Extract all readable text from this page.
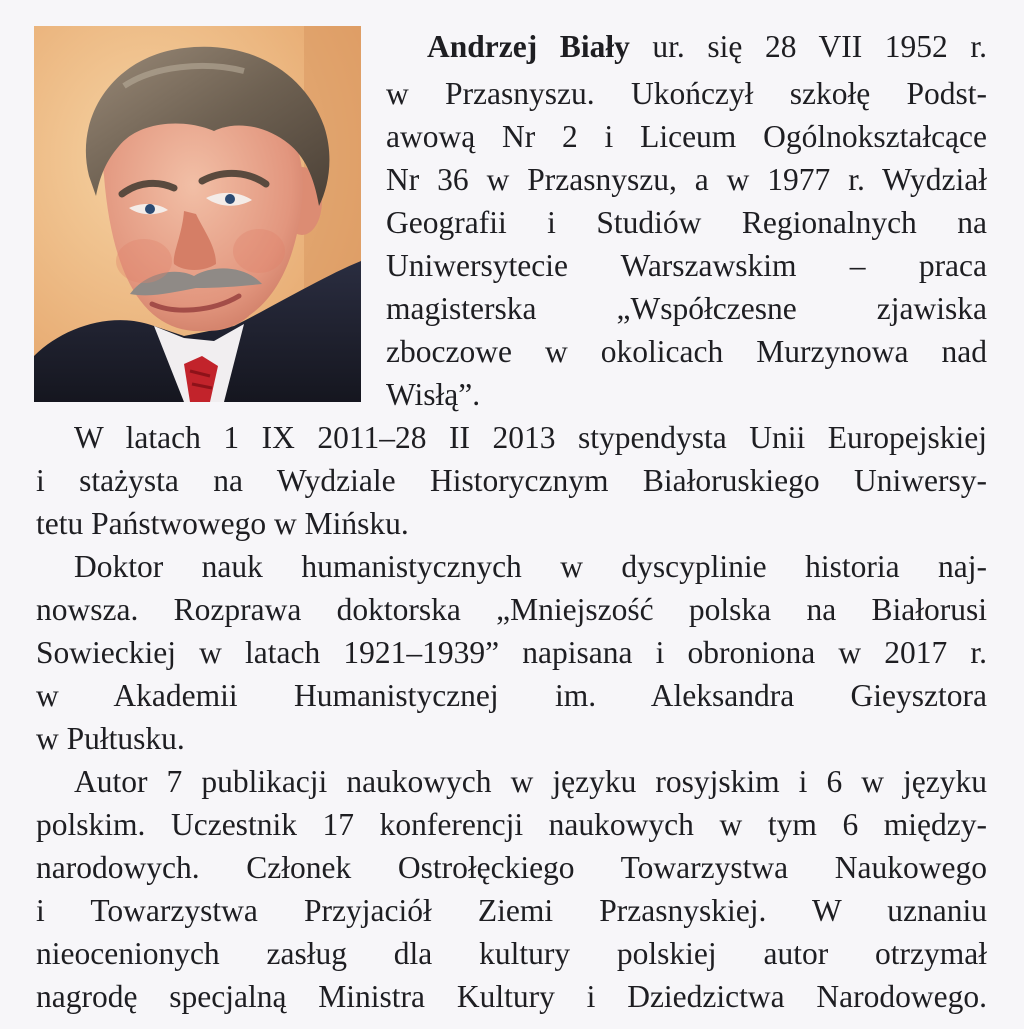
Andrzej Biały ur. się 28 VII 1952 r.
w Przasnyszu. Ukończył szkołę Podst-
awową Nr 2 i Liceum Ogólnokształcące
Nr 36 w Przasnyszu, a w 1977 r. Wydział
Geografii i Studiów Regionalnych na
Uniwersytecie Warszawskim – praca
magisterska „Współczesne zjawiska
zboczowe w okolicach Murzynowa nad
Wisłą”.
W latach 1 IX 2011–28 II 2013 stypendysta Unii Europejskiej
i stażysta na Wydziale Historycznym Białoruskiego Uniwersy-
tetu Państwowego w Mińsku.
Doktor nauk humanistycznych w dyscyplinie historia naj-
nowsza. Rozprawa doktorska „Mniejszość polska na Białorusi
Sowieckiej w latach 1921–1939” napisana i obroniona w 2017 r.
w Akademii Humanistycznej im. Aleksandra Gieysztora
w Pułtusku.
Autor 7 publikacji naukowych w języku rosyjskim i 6 w języku
polskim. Uczestnik 17 konferencji naukowych w tym 6 między-
narodowych. Członek Ostrołęckiego Towarzystwa Naukowego
i Towarzystwa Przyjaciół Ziemi Przasnyskiej. W uznaniu
nieocenionych zasług dla kultury polskiej autor otrzymał
nagrodę specjalną Ministra Kultury i Dziedzictwa Narodowego.
